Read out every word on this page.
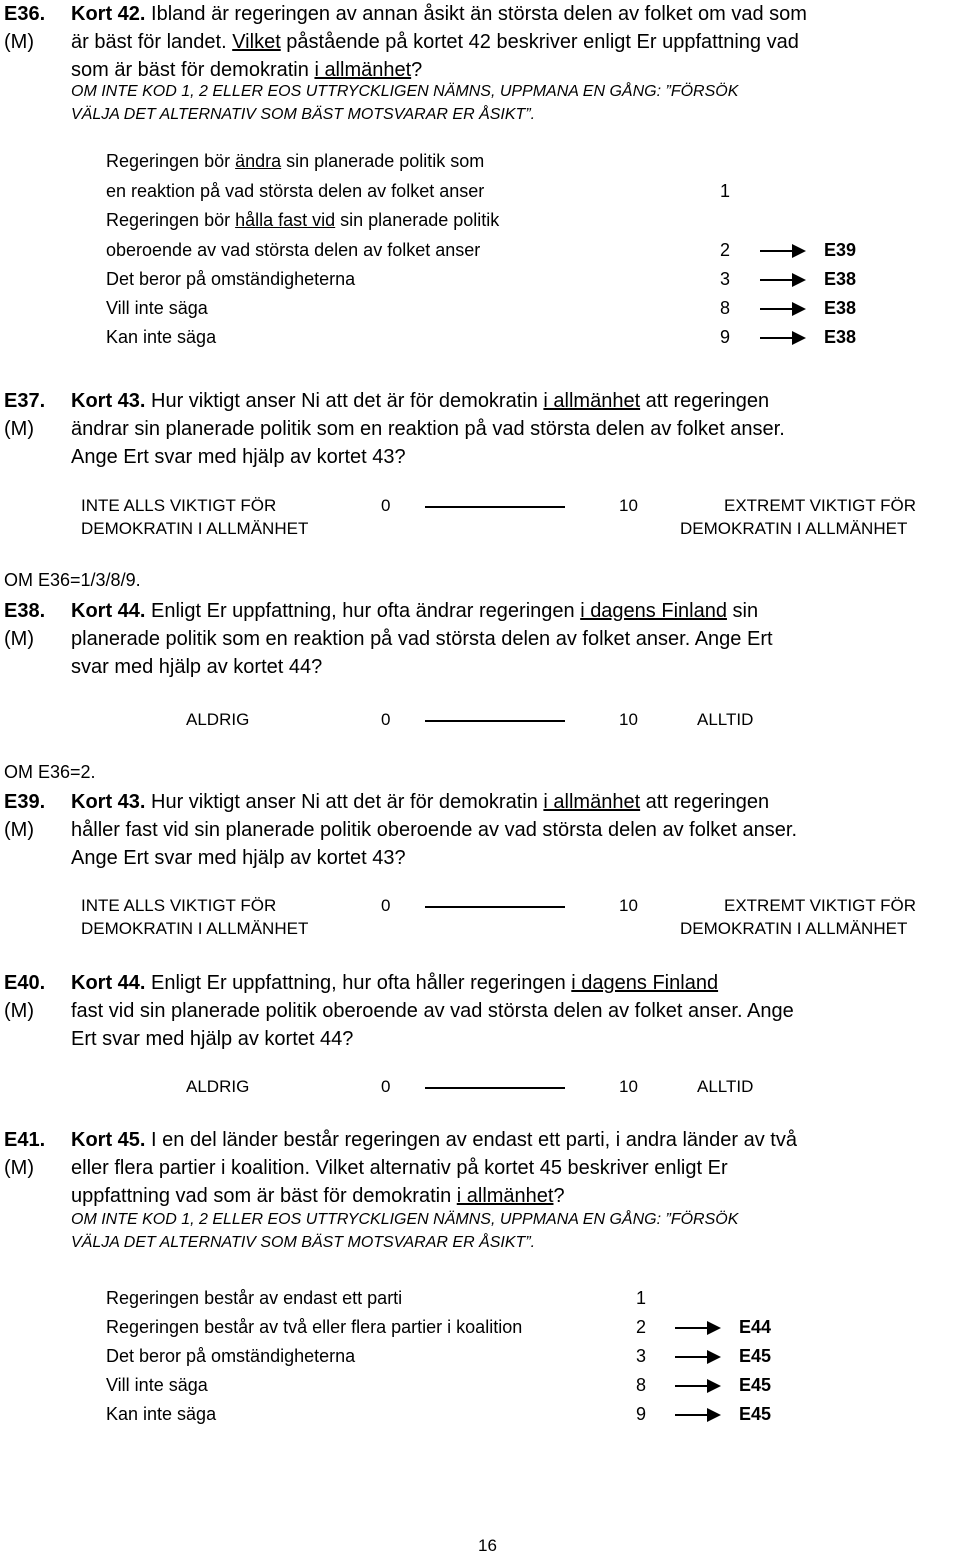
E36.
(M)
Kort 42. Ibland är regeringen av annan åsikt än största delen av folket om vad som
är bäst för landet. Vilket påstående på kortet 42 beskriver enligt Er uppfattning vad
som är bäst för demokratin i allmänhet?
OM INTE KOD 1, 2 ELLER EOS UTTRYCKLIGEN NÄMNS, UPPMANA EN GÅNG: ”FÖRSÖK
VÄLJA DET ALTERNATIV SOM BÄST MOTSVARAR ER ÅSIKT”.
Regeringen bör ändra sin planerade politik som
en reaktion på vad största delen av folket anser	1
Regeringen bör hålla fast vid sin planerade politik
oberoende av vad största delen av folket anser	2	E39
Det beror på omständigheterna	3	E38
Vill inte säga	8	E38
Kan inte säga	9	E38
E37.
(M)
Kort 43. Hur viktigt anser Ni att det är för demokratin i allmänhet att regeringen
ändrar sin planerade politik som en reaktion på vad största delen av folket anser.
Ange Ert svar med hjälp av kortet 43?
INTE ALLS VIKTIGT FÖR
DEMOKRATIN I ALLMÄNHET
0	10	EXTREMT VIKTIGT FÖR
DEMOKRATIN I ALLMÄNHET
OM E36=1/3/8/9.
E38.
(M)
Kort 44. Enligt Er uppfattning, hur ofta ändrar regeringen i dagens Finland sin
planerade politik som en reaktion på vad största delen av folket anser. Ange Ert
svar med hjälp av kortet 44?
ALDRIG	0	10	ALLTID
OM E36=2.
E39.
(M)
Kort 43. Hur viktigt anser Ni att det är för demokratin i allmänhet att regeringen
håller fast vid sin planerade politik oberoende av vad största delen av folket anser.
Ange Ert svar med hjälp av kortet 43?
INTE ALLS VIKTIGT FÖR
DEMOKRATIN I ALLMÄNHET
0	10	EXTREMT VIKTIGT FÖR
DEMOKRATIN I ALLMÄNHET
E40.
(M)
Kort 44. Enligt Er uppfattning, hur ofta håller regeringen i dagens Finland
fast vid sin planerade politik oberoende av vad största delen av folket anser. Ange
Ert svar med hjälp av kortet 44?
ALDRIG	0	10	ALLTID
E41.
(M)
Kort 45. I en del länder består regeringen av endast ett parti, i andra länder av två
eller flera partier i koalition. Vilket alternativ på kortet 45 beskriver enligt Er
uppfattning vad som är bäst för demokratin i allmänhet?
OM INTE KOD 1, 2 ELLER EOS UTTRYCKLIGEN NÄMNS, UPPMANA EN GÅNG: ”FÖRSÖK
VÄLJA DET ALTERNATIV SOM BÄST MOTSVARAR ER ÅSIKT”.
Regeringen består av endast ett parti	1
Regeringen består av två eller flera partier i koalition	2	E44
Det beror på omständigheterna	3	E45
Vill inte säga	8	E45
Kan inte säga	9	E45
16
